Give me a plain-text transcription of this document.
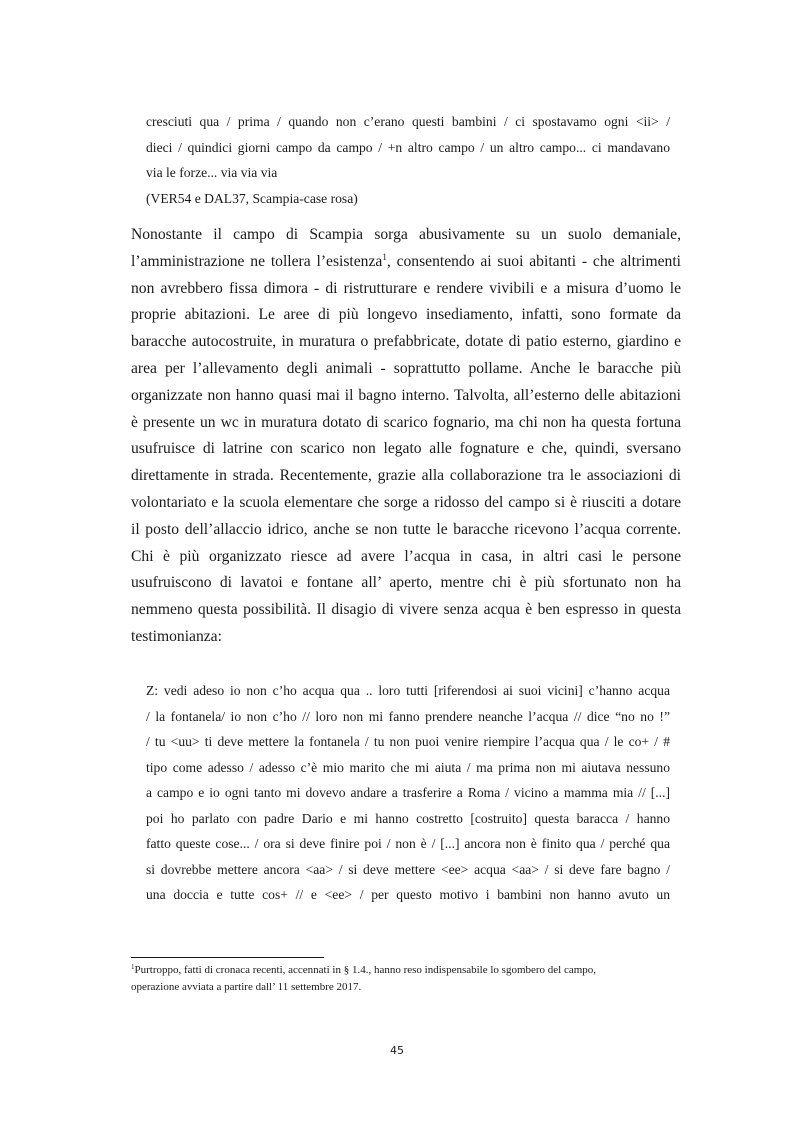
cresciuti qua / prima / quando non c’erano questi bambini / ci spostavamo ogni <ii> /
dieci / quindici giorni campo da campo / +n altro campo / un altro campo... ci mandavano
via le forze... via via via
(VER54 e DAL37, Scampia-case rosa)
Nonostante il campo di Scampia sorga abusivamente su un suolo demaniale,
l’amministrazione ne tollera l’esistenza$^1$, consentendo ai suoi abitanti - che altrimenti
non avrebbero fissa dimora - di ristrutturare e rendere vivibili e a misura d’uomo le
proprie abitazioni. Le aree di più longevo insediamento, infatti, sono formate da
baracche autocostruite, in muratura o prefabbricate, dotate di patio esterno, giardino e
area per l’allevamento degli animali - soprattutto pollame. Anche le baracche più
organizzate non hanno quasi mai il bagno interno. Talvolta, all’esterno delle abitazioni
è presente un wc in muratura dotato di scarico fognario, ma chi non ha questa fortuna
usufruisce di latrine con scarico non legato alle fognature e che, quindi, sversano
direttamente in strada. Recentemente, grazie alla collaborazione tra le associazioni di
volontariato e la scuola elementare che sorge a ridosso del campo si è riusciti a dotare
il posto dell’allaccio idrico, anche se non tutte le baracche ricevono l’acqua corrente.
Chi è più organizzato riesce ad avere l’acqua in casa, in altri casi le persone
usufruiscono di lavatoi e fontane all’ aperto, mentre chi è più sfortunato non ha
nemmeno questa possibilità. Il disagio di vivere senza acqua è ben espresso in questa
testimonianza:
Z: vedi adeso io non c’ho acqua qua .. loro tutti [riferendosi ai suoi vicini] c’hanno acqua
/ la fontanela/ io non c’ho // loro non mi fanno prendere neanche l’acqua // dice “no no !”
/ tu <uu> ti deve mettere la fontanela / tu non puoi venire riempire l’acqua qua / le co+ / #
tipo come adesso / adesso c’è mio marito che mi aiuta / ma prima non mi aiutava nessuno
a campo e io ogni tanto mi dovevo andare a trasferire a Roma / vicino a mamma mia // [...]
poi ho parlato con padre Dario e mi hanno costretto [costruito] questa baracca / hanno
fatto queste cose... / ora si deve finire poi / non è / [...] ancora non è finito qua / perché qua
si dovrebbe mettere ancora <aa> / si deve mettere <ee> acqua <aa> / si deve fare bagno /
una doccia e tutte cos+ // e <ee> / per questo motivo i bambini non hanno avuto un
$^1$Purtroppo, fatti di cronaca recenti, accennati in § 1.4., hanno reso indispensabile lo sgombero del campo,
operazione avviata a partire dall’ 11 settembre 2017.
45
